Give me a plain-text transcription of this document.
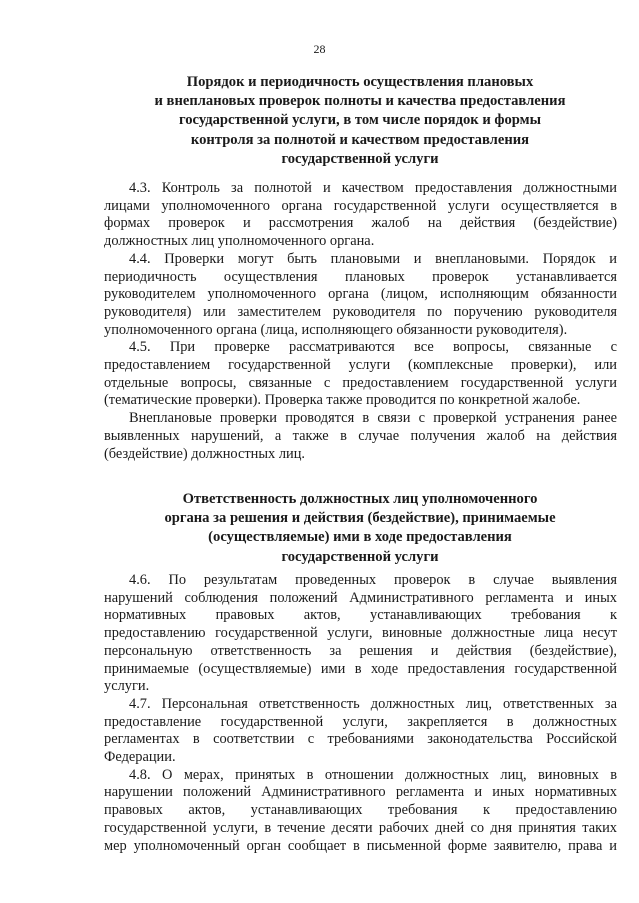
28
Порядок и периодичность осуществления плановых
и внеплановых проверок полноты и качества предоставления
государственной услуги, в том числе порядок и формы
контроля за полнотой и качеством предоставления
государственной услуги
4.3. Контроль за полнотой и качеством предоставления должностными
лицами уполномоченного органа государственной услуги осуществляется в
формах проверок и рассмотрения жалоб на действия (бездействие)
должностных лиц уполномоченного органа.
4.4. Проверки могут быть плановыми и внеплановыми. Порядок и
периодичность осуществления плановых проверок устанавливается
руководителем уполномоченного органа (лицом, исполняющим обязанности
руководителя) или заместителем руководителя по поручению руководителя
уполномоченного органа (лица, исполняющего обязанности руководителя).
4.5. При проверке рассматриваются все вопросы, связанные с
предоставлением государственной услуги (комплексные проверки), или
отдельные вопросы, связанные с предоставлением государственной услуги
(тематические проверки). Проверка также проводится по конкретной жалобе.
Внеплановые проверки проводятся в связи с проверкой устранения ранее
выявленных нарушений, а также в случае получения жалоб на действия
(бездействие) должностных лиц.
Ответственность должностных лиц уполномоченного
органа за решения и действия (бездействие), принимаемые
(осуществляемые) ими в ходе предоставления
государственной услуги
4.6. По результатам проведенных проверок в случае выявления
нарушений соблюдения положений Административного регламента и иных
нормативных правовых актов, устанавливающих требования к
предоставлению государственной услуги, виновные должностные лица несут
персональную ответственность за решения и действия (бездействие),
принимаемые (осуществляемые) ими в ходе предоставления государственной
услуги.
4.7. Персональная ответственность должностных лиц, ответственных за
предоставление государственной услуги, закрепляется в должностных
регламентах в соответствии с требованиями законодательства Российской
Федерации.
4.8. О мерах, принятых в отношении должностных лиц, виновных в
нарушении положений Административного регламента и иных нормативных
правовых актов, устанавливающих требования к предоставлению
государственной услуги, в течение десяти рабочих дней со дня принятия таких
мер уполномоченный орган сообщает в письменной форме заявителю, права и
